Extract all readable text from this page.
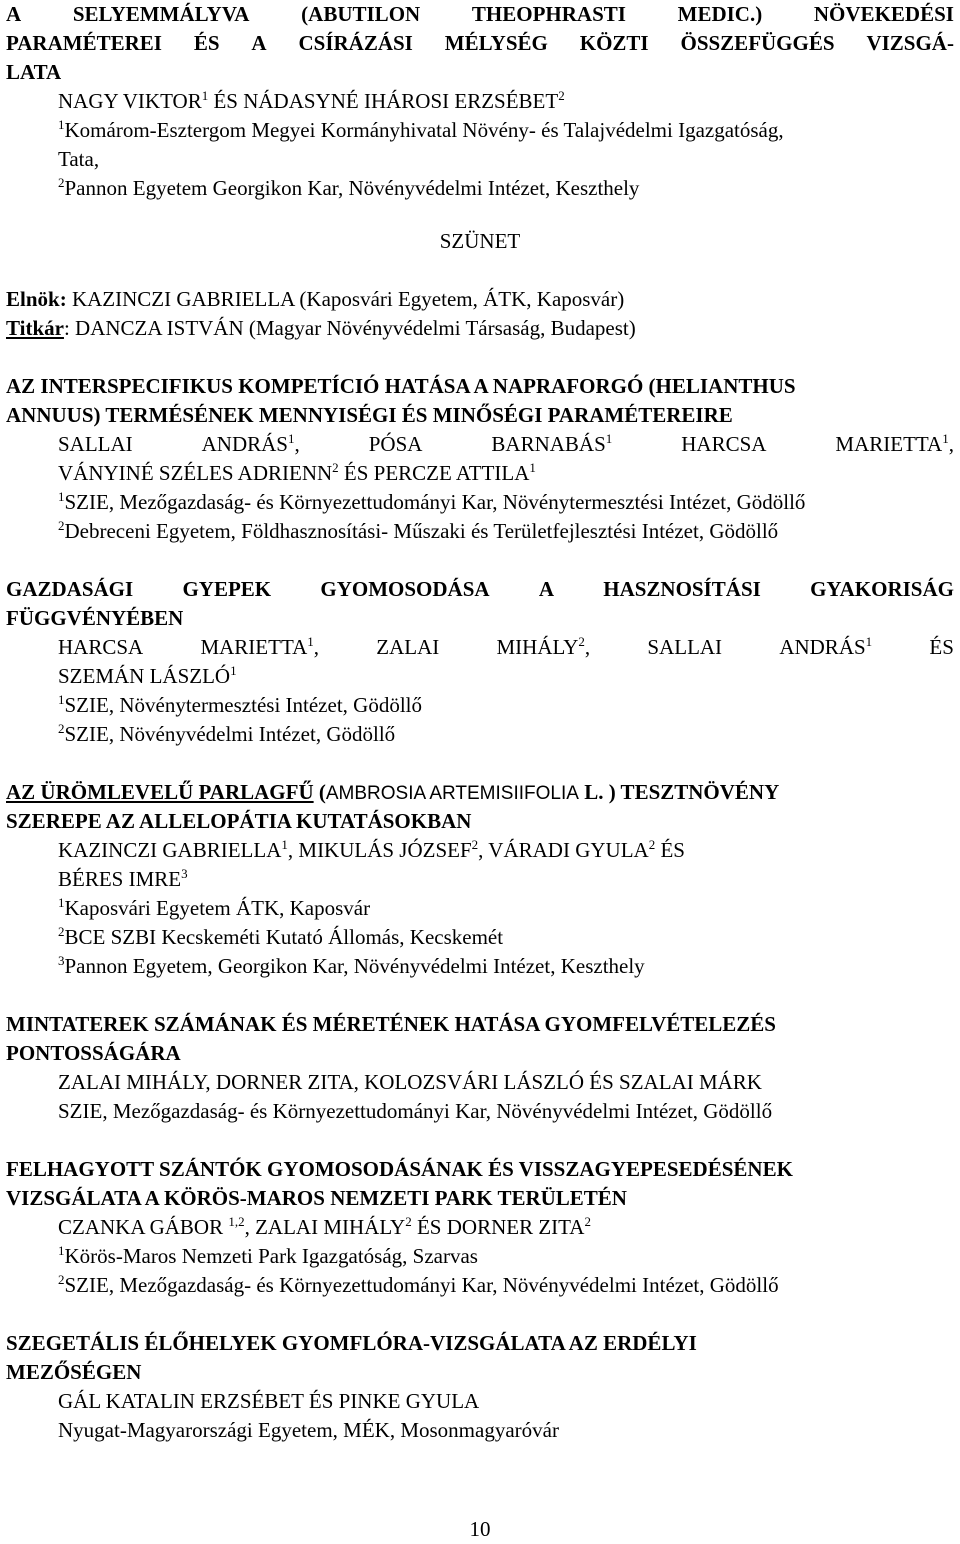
A SELYEMMÁLYVA (ABUTILON THEOPHRASTI MEDIC.) NÖVEKEDÉSI
PARAMÉTEREI ÉS A CSÍRÁZÁSI MÉLYSÉG KÖZTI ÖSSZEFÜGGÉS VIZSGÁ-
LATA
NAGY VIKTOR$^1$ ÉS NÁDASYNÉ IHÁROSI ERZSÉBET$^2$
$^1$Komárom-Esztergom Megyei Kormányhivatal Növény- és Talajvédelmi Igazgatóság,
Tata,
$^2$Pannon Egyetem Georgikon Kar, Növényvédelmi Intézet, Keszthely
SZÜNET
Elnök: KAZINCZI GABRIELLA (Kaposvári Egyetem, ÁTK, Kaposvár)
Titkár: DANCZA ISTVÁN (Magyar Növényvédelmi Társaság, Budapest)
AZ INTERSPECIFIKUS KOMPETÍCIÓ HATÁSA A NAPRAFORGÓ (HELIANTHUS
ANNUUS) TERMÉSÉNEK MENNYISÉGI ÉS MINŐSÉGI PARAMÉTEREIRE
SALLAI	ANDRÁS$^1$,	PÓSA	BARNABÁS$^1$	HARCSA	MARIETTA$^1$,
VÁNYINÉ SZÉLES ADRIENN$^2$ ÉS PERCZE ATTILA$^1$
$^1$SZIE, Mezőgazdaság- és Környezettudományi Kar, Növénytermesztési Intézet, Gödöllő
$^2$Debreceni Egyetem, Földhasznosítási- Műszaki és Területfejlesztési Intézet, Gödöllő
GAZDASÁGI GYEPEK GYOMOSODÁSA A HASZNOSÍTÁSI GYAKORISÁG
FÜGGVÉNYÉBEN
HARCSA	MARIETTA$^1$,	ZALAI	MIHÁLY$^2$,	SALLAI	ANDRÁS$^1$	ÉS
SZEMÁN LÁSZLÓ$^1$
$^1$SZIE, Növénytermesztési Intézet, Gödöllő
$^2$SZIE, Növényvédelmi Intézet, Gödöllő
AZ ÜRÖMLEVELŰ PARLAGFŰ (AMBROSIA ARTEMISIIFOLIA L. ) TESZTNÖVÉNY
SZEREPE AZ ALLELOPÁTIA KUTATÁSOKBAN
KAZINCZI GABRIELLA$^1$, MIKULÁS JÓZSEF$^2$, VÁRADI GYULA$^2$ ÉS
BÉRES IMRE$^3$
$^1$Kaposvári Egyetem ÁTK, Kaposvár
$^2$BCE SZBI Kecskeméti Kutató Állomás, Kecskemét
$^3$Pannon Egyetem, Georgikon Kar, Növényvédelmi Intézet, Keszthely
MINTATEREK SZÁMÁNAK ÉS MÉRETÉNEK HATÁSA GYOMFELVÉTELEZÉS
PONTOSSÁGÁRA
ZALAI MIHÁLY, DORNER ZITA, KOLOZSVÁRI LÁSZLÓ ÉS SZALAI MÁRK
SZIE, Mezőgazdaság- és Környezettudományi Kar, Növényvédelmi Intézet, Gödöllő
FELHAGYOTT SZÁNTÓK GYOMOSODÁSÁNAK ÉS VISSZAGYEPESEDÉSÉNEK
VIZSGÁLATA A KÖRÖS-MAROS NEMZETI PARK TERÜLETÉN
CZANKA GÁBOR $^{1,2}$, ZALAI MIHÁLY$^2$ ÉS DORNER ZITA$^2$
$^1$Körös-Maros Nemzeti Park Igazgatóság, Szarvas
$^2$SZIE, Mezőgazdaság- és Környezettudományi Kar, Növényvédelmi Intézet, Gödöllő
SZEGETÁLIS ÉLŐHELYEK GYOMFLÓRA-VIZSGÁLATA AZ ERDÉLYI
MEZŐSÉGEN
GÁL KATALIN ERZSÉBET ÉS PINKE GYULA
Nyugat-Magyarországi Egyetem, MÉK, Mosonmagyaróvár
10
